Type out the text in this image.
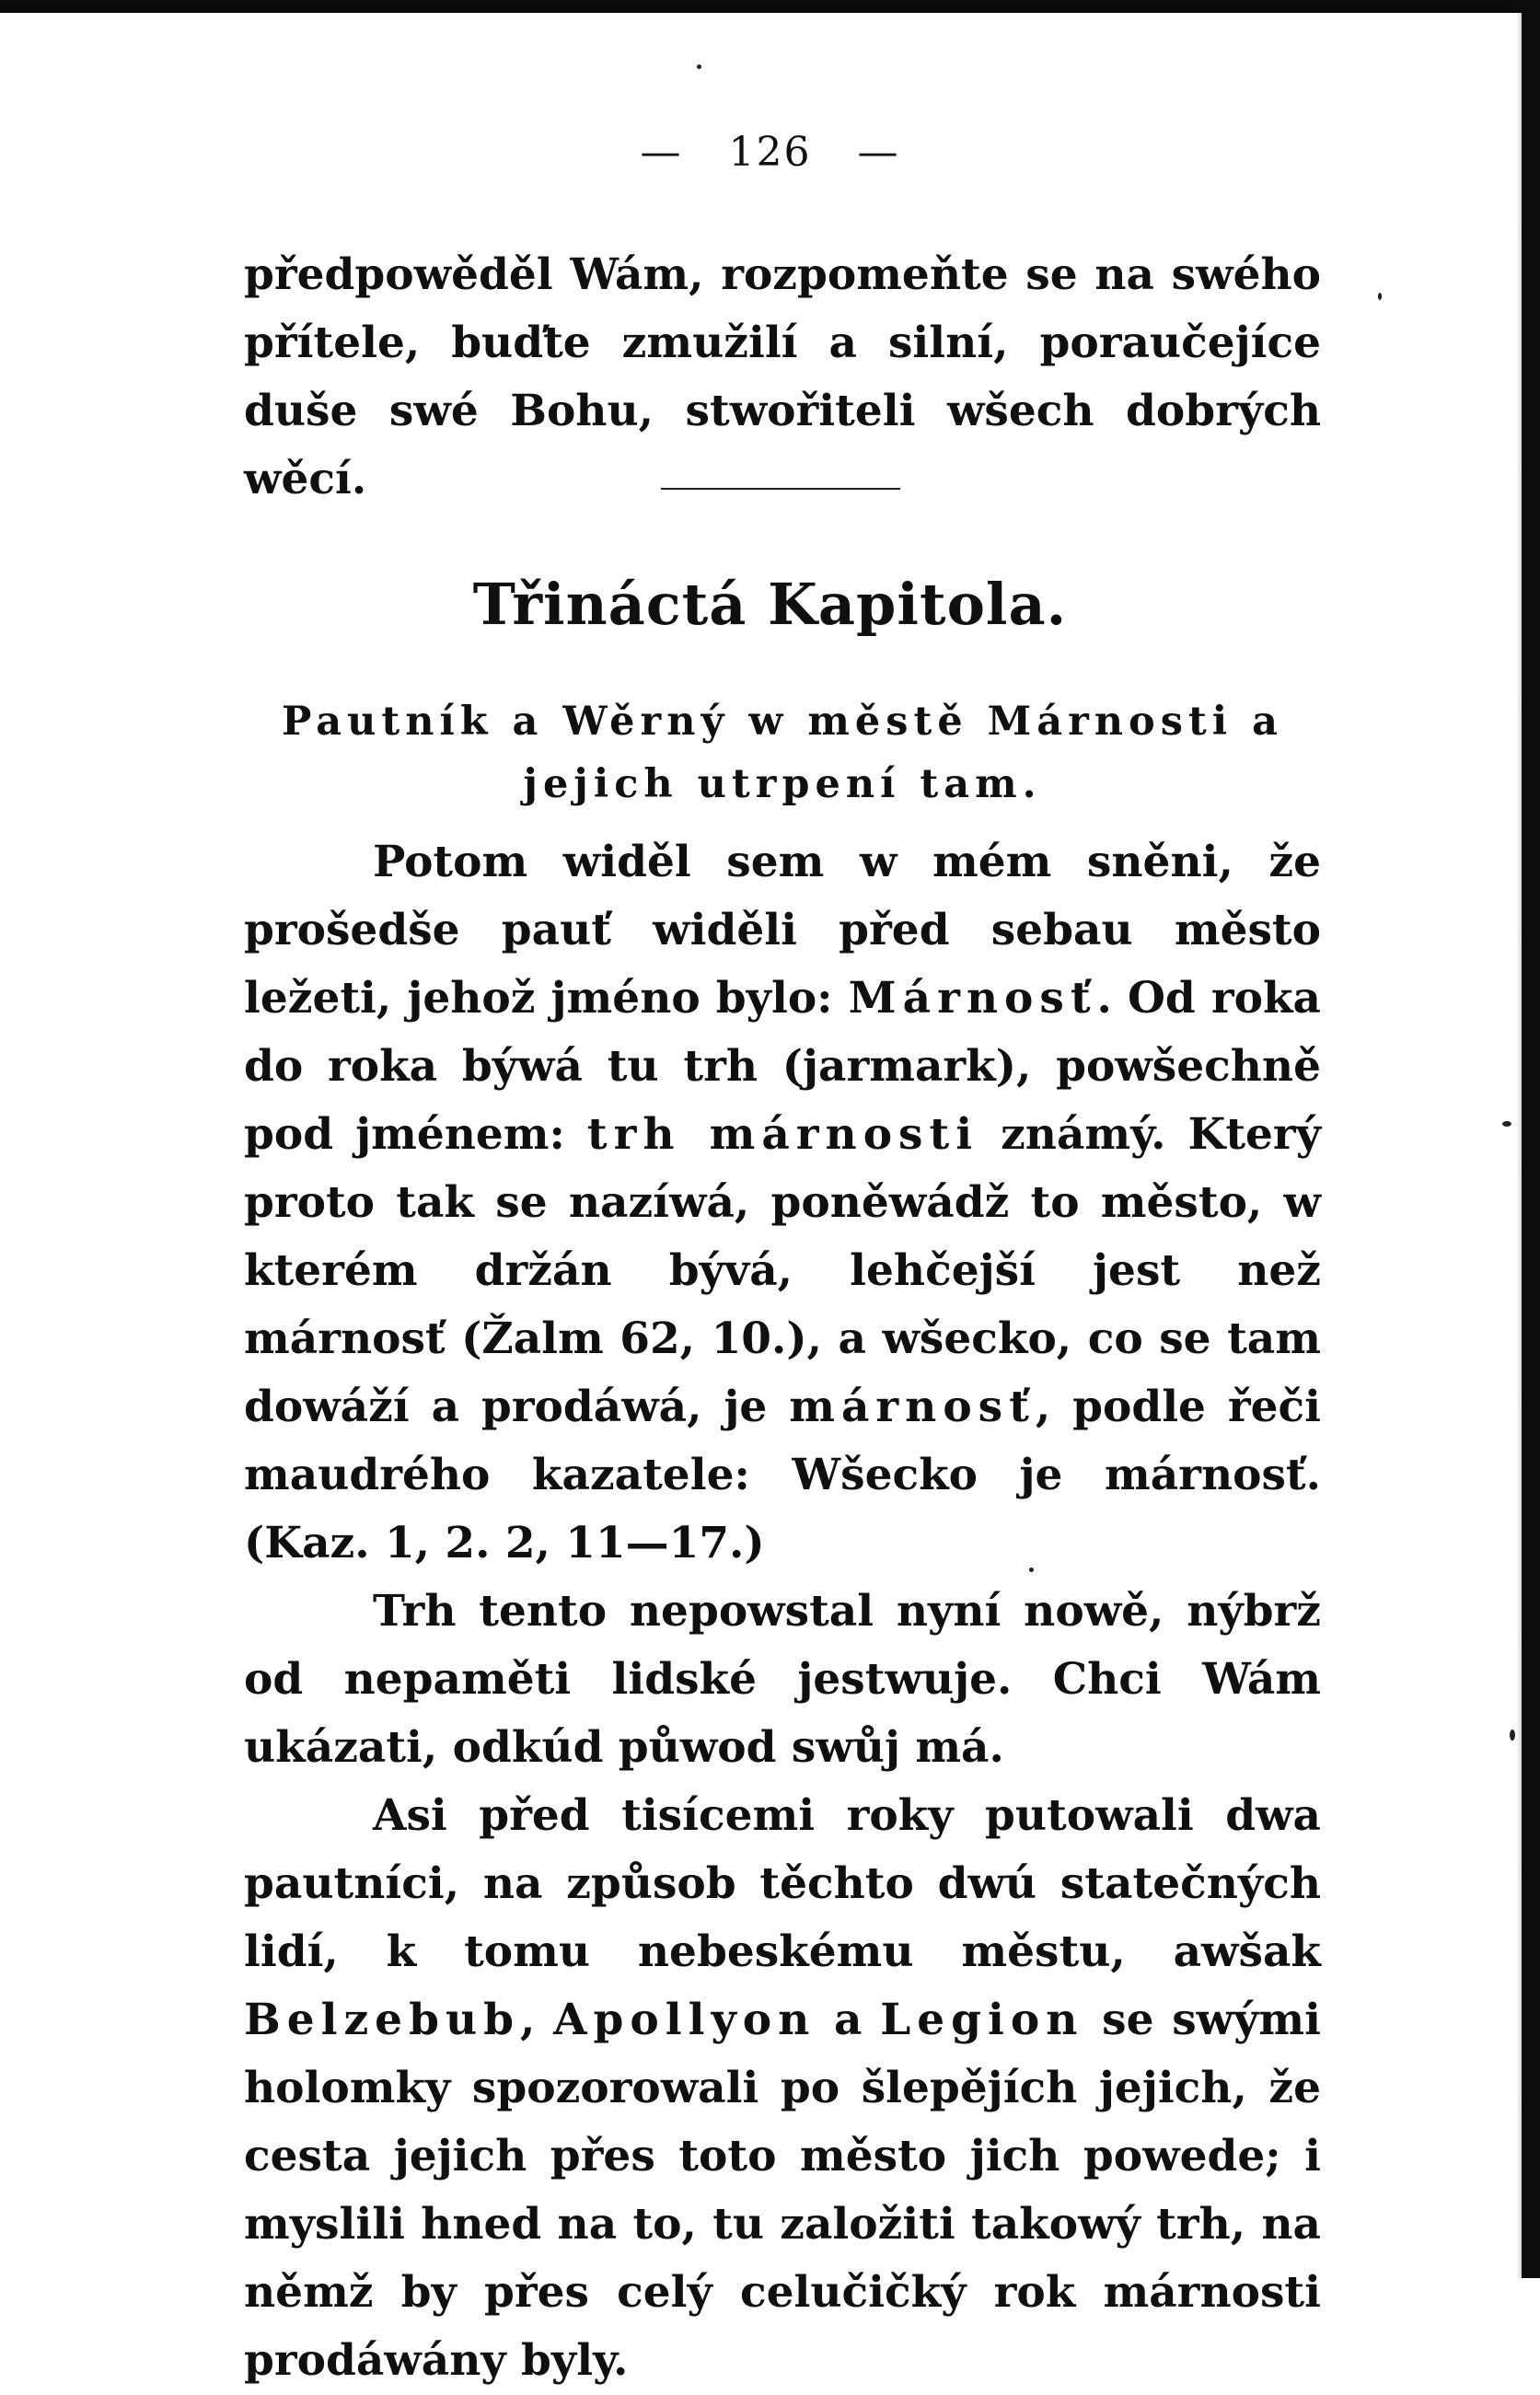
— 126 —

předpowěděl Wám, rozpomeňte se na swého přítele, buďte zmužilí a silní, poraučejíce duše swé Bohu, stwořiteli wšech dobrých wěcí.

Třináctá Kapitola.
Pautník a Wěrný w městě Márnosti a jejich utrpení tam.

Potom widěl sem w mém sněni, že prošedše pauť widěli před sebau město ležeti, jehož jméno bylo: Márnosť. Od roka do roka býwá tu trh (jarmark), powšechně pod jménem: trh márnosti známý. Který proto tak se nazíwá, poněwádž to město, w kterém držán bývá, lehčejší jest než márnosť (Žalm 62, 10.), a wšecko, co se tam dowáží a prodáwá, je márnosť, podle řeči maudrého kazatele: Wšecko je márnosť. (Kaz. 1, 2. 2, 11—17.)

Trh tento nepowstal nyní nowě, nýbrž od nepaměti lidské jestwuje. Chci Wám ukázati, odkúd půwod swůj má.

Asi před tisícemi roky putowali dwa pautníci, na způsob těchto dwú statečných lidí, k tomu nebeskému městu, awšak Belzebub, Apollyon a Legion se swými holomky spozorowali po šlepějích jejich, že cesta jejich přes toto město jich powede; i myslili hned na to, tu založiti takowý trh, na němž by přes celý celučičký rok márnosti prodáwány byly.
